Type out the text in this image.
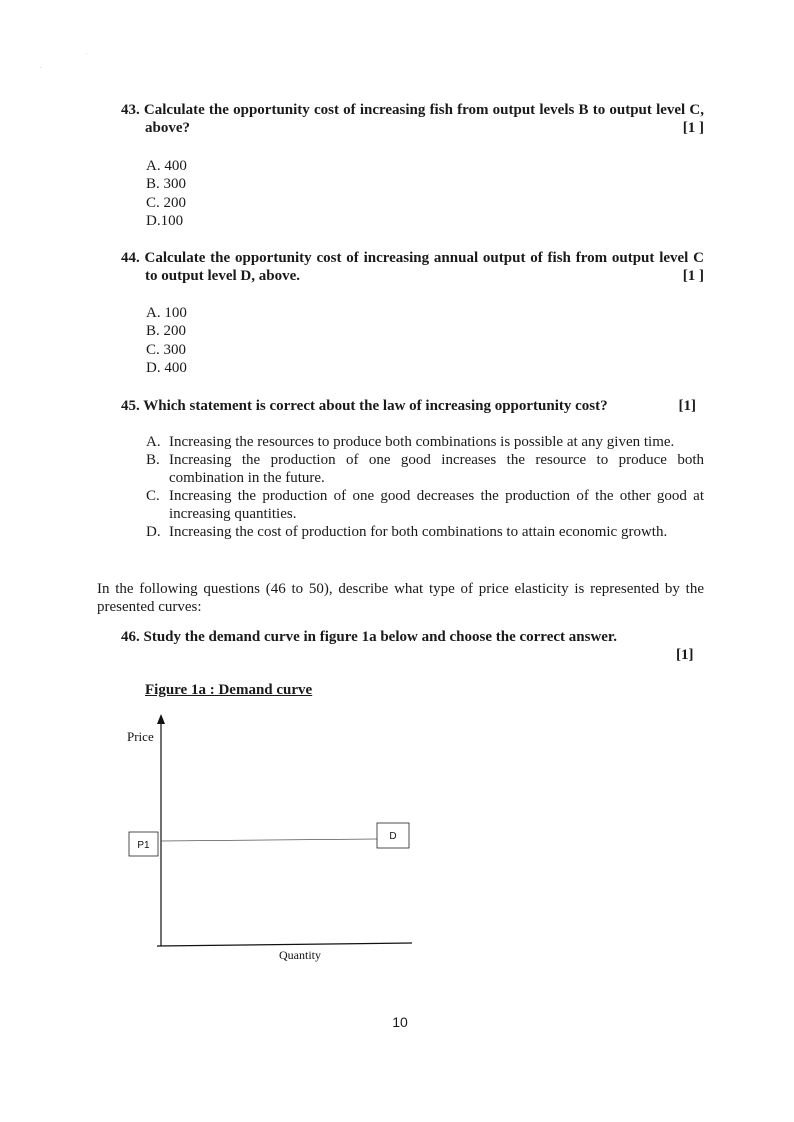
.
.
43. Calculate the opportunity cost of increasing fish from output levels B to output level C, above?	[1 ]
A. 400
B. 300
C. 200
D.100
44. Calculate the opportunity cost of increasing annual output of fish from output level C to output level D, above.	[1 ]
A. 100
B. 200
C. 300
D. 400
45. Which statement is correct about the law of increasing opportunity cost?	[1]
A. Increasing the resources to produce both combinations is possible at any given time.
B. Increasing the production of one good increases the resource to produce both combination in the future.
C. Increasing the production of one good decreases the production of the other good at increasing quantities.
D. Increasing the cost of production for both combinations to attain economic growth.
In the following questions (46 to 50), describe what type of price elasticity is represented by the presented curves:
46. Study the demand curve in figure 1a below and choose the correct answer.
[1]
Figure 1a : Demand curve
P1
D
Price
Quantity
10
